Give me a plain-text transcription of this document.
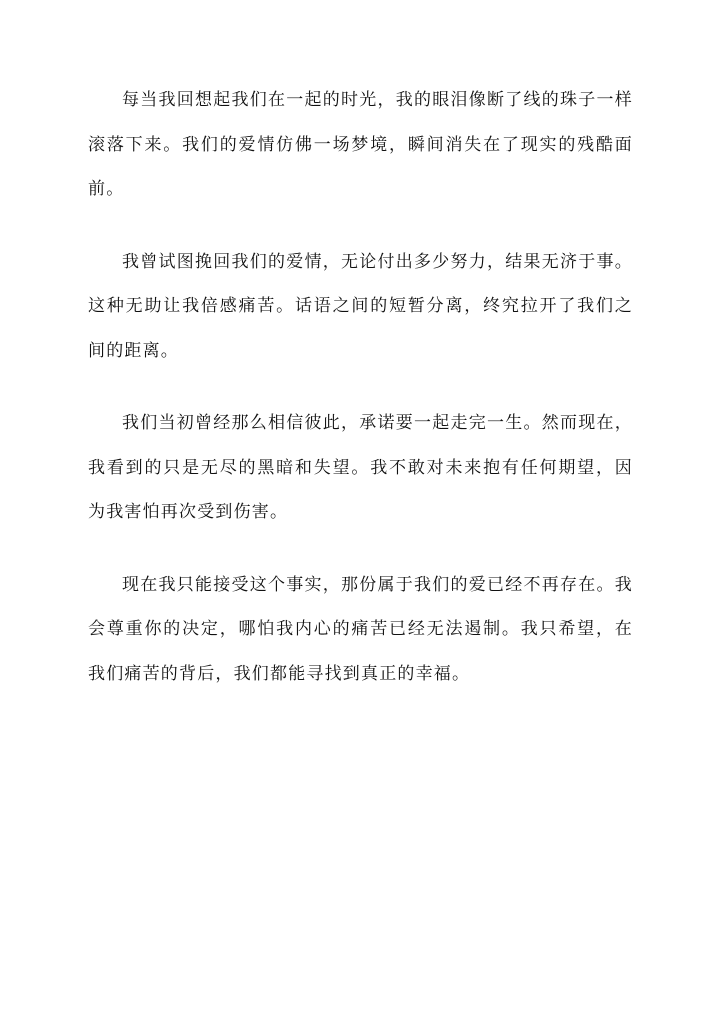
每当我回想起我们在一起的时光，我的眼泪像断了线的珠子一样滚落下来。我们的爱情仿佛一场梦境，瞬间消失在了现实的残酷面前。

我曾试图挽回我们的爱情，无论付出多少努力，结果无济于事。这种无助让我倍感痛苦。话语之间的短暂分离，终究拉开了我们之间的距离。

我们当初曾经那么相信彼此，承诺要一起走完一生。然而现在，我看到的只是无尽的黑暗和失望。我不敢对未来抱有任何期望，因为我害怕再次受到伤害。

现在我只能接受这个事实，那份属于我们的爱已经不再存在。我会尊重你的决定，哪怕我内心的痛苦已经无法遏制。我只希望，在我们痛苦的背后，我们都能寻找到真正的幸福。
